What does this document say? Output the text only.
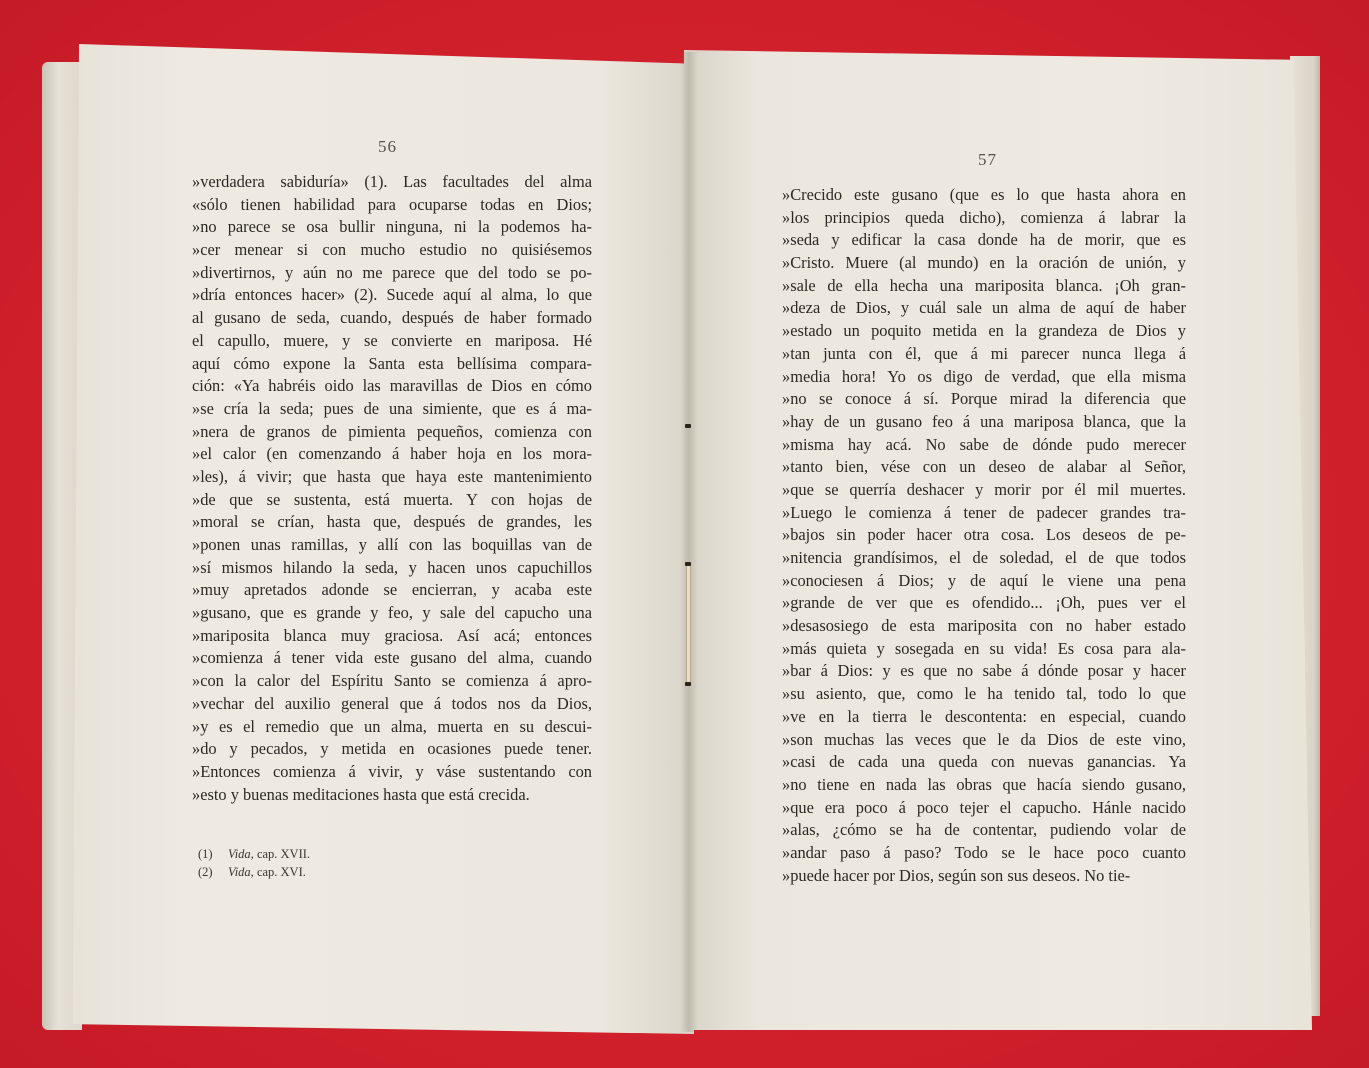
56
57
»verdadera sabiduría» (1). Las facultades del alma
«sólo tienen habilidad para ocuparse todas en Dios;
»no parece se osa bullir ninguna, ni la podemos ha-
»cer menear si con mucho estudio no quisiésemos
»divertirnos, y aún no me parece que del todo se po-
»dría entonces hacer» (2). Sucede aquí al alma, lo que
al gusano de seda, cuando, después de haber formado
el capullo, muere, y se convierte en mariposa. Hé
aquí cómo expone la Santa esta bellísima compara-
ción: «Ya habréis oido las maravillas de Dios en cómo
»se cría la seda; pues de una simiente, que es á ma-
»nera de granos de pimienta pequeños, comienza con
»el calor (en comenzando á haber hoja en los mora-
»les), á vivir; que hasta que haya este mantenimiento
»de que se sustenta, está muerta. Y con hojas de
»moral se crían, hasta que, después de grandes, les
»ponen unas ramillas, y allí con las boquillas van de
»sí mismos hilando la seda, y hacen unos capuchillos
»muy apretados adonde se encierran, y acaba este
»gusano, que es grande y feo, y sale del capucho una
»mariposita blanca muy graciosa. Así acá; entonces
»comienza á tener vida este gusano del alma, cuando
»con la calor del Espíritu Santo se comienza á apro-
»vechar del auxilio general que á todos nos da Dios,
»y es el remedio que un alma, muerta en su descui-
»do y pecados, y metida en ocasiones puede tener.
»Entonces comienza á vivir, y váse sustentando con
»esto y buenas meditaciones hasta que está crecida.
»Crecido este gusano (que es lo que hasta ahora en
»los principios queda dicho), comienza á labrar la
»seda y edificar la casa donde ha de morir, que es
»Cristo. Muere (al mundo) en la oración de unión, y
»sale de ella hecha una mariposita blanca. ¡Oh gran-
»deza de Dios, y cuál sale un alma de aquí de haber
»estado un poquito metida en la grandeza de Dios y
»tan junta con él, que á mi parecer nunca llega á
»media hora! Yo os digo de verdad, que ella misma
»no se conoce á sí. Porque mirad la diferencia que
»hay de un gusano feo á una mariposa blanca, que la
»misma hay acá. No sabe de dónde pudo merecer
»tanto bien, vése con un deseo de alabar al Señor,
»que se querría deshacer y morir por él mil muertes.
»Luego le comienza á tener de padecer grandes tra-
»bajos sin poder hacer otra cosa. Los deseos de pe-
»nitencia grandísimos, el de soledad, el de que todos
»conociesen á Dios; y de aquí le viene una pena
»grande de ver que es ofendido... ¡Oh, pues ver el
»desasosiego de esta mariposita con no haber estado
»más quieta y sosegada en su vida! Es cosa para ala-
»bar á Dios: y es que no sabe á dónde posar y hacer
»su asiento, que, como le ha tenido tal, todo lo que
»ve en la tierra le descontenta: en especial, cuando
»son muchas las veces que le da Dios de este vino,
»casi de cada una queda con nuevas ganancias. Ya
»no tiene en nada las obras que hacía siendo gusano,
»que era poco á poco tejer el capucho. Hánle nacido
»alas, ¿cómo se ha de contentar, pudiendo volar de
»andar paso á paso? Todo se le hace poco cuanto
»puede hacer por Dios, según son sus deseos. No tie-
(1) Vida, cap. XVII.
(2) Vida, cap. XVI.
